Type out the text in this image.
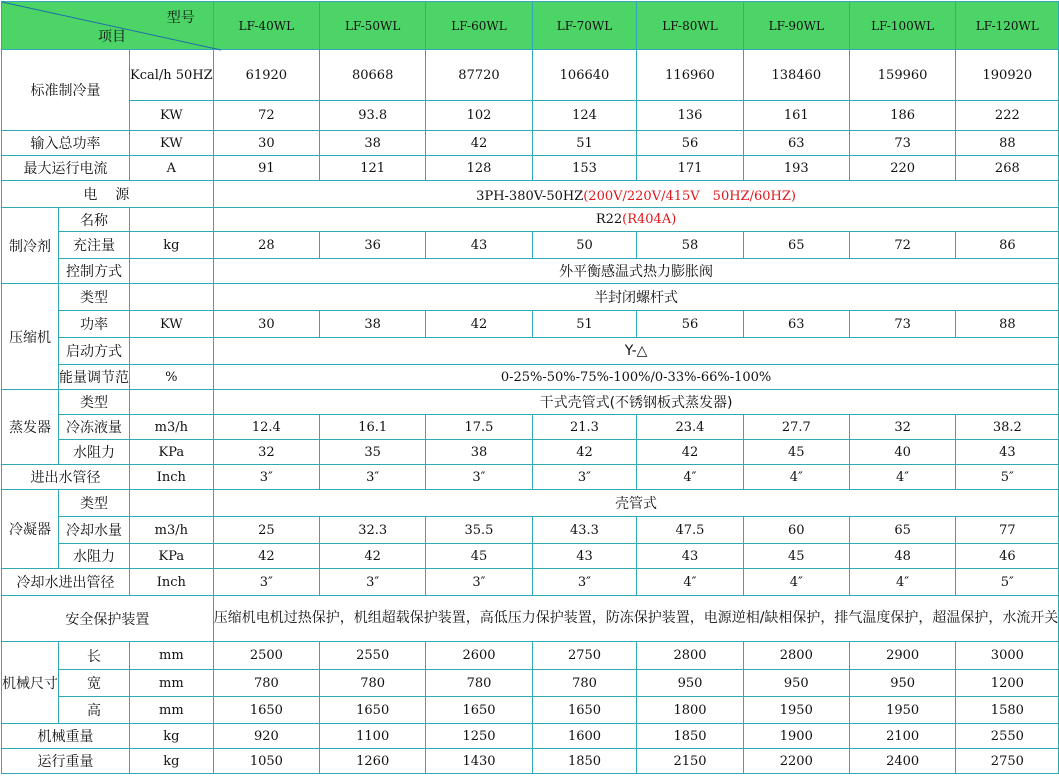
型号
项目			LF-40WL	LF-50WL	LF-60WL	LF-70WL	LF-80WL	LF-90WL	LF-100WL	LF-120WL
标准制冷量		Kcal/h 50HZ	61920	80668	87720	106640	116960	138460	159960	190920
		KW	72	93.8	102	124	136	161	186	222
输入总功率		KW	30	38	42	51	56	63	73	88
最大运行电流		A	91	121	128	153	171	193	220	268
电　源			3PH-380V-50HZ(200V/220V/415V　50HZ/60HZ)							
制冷剂	名称		R22(R404A)							
	充注量	kg	28	36	43	50	58	65	72	86
	控制方式		外平衡感温式热力膨胀阀							
压缩机	类型		半封闭螺杆式							
	功率	KW	30	38	42	51	56	63	73	88
	启动方式		Y-△							
	能量调节范	%	0-25%-50%-75%-100%/0-33%-66%-100%							
蒸发器	类型		干式壳管式(不锈钢板式蒸发器)							
	冷冻液量	m3/h	12.4	16.1	17.5	21.3	23.4	27.7	32	38.2
	水阻力	KPa	32	35	38	42	42	45	40	43
进出水管径		Inch	3″	3″	3″	3″	4″	4″	4″	5″
冷凝器	类型		壳管式							
	冷却水量	m3/h	25	32.3	35.5	43.3	47.5	60	65	77
	水阻力	KPa	42	42	45	43	43	45	48	46
冷却水进出管径		Inch	3″	3″	3″	3″	4″	4″	4″	5″
安全保护装置			压缩机电机过热保护，机组超载保护装置，高低压力保护装置，防冻保护装置，电源逆相/缺相保护，排气温度保护，超温保护，水流开关							
机械尺寸	长	mm	2500	2550	2600	2750	2800	2800	2900	3000
	宽	mm	780	780	780	780	950	950	950	1200
	高	mm	1650	1650	1650	1650	1800	1950	1950	1580
机械重量		kg	920	1100	1250	1600	1850	1900	2100	2550
运行重量		kg	1050	1260	1430	1850	2150	2200	2400	2750
